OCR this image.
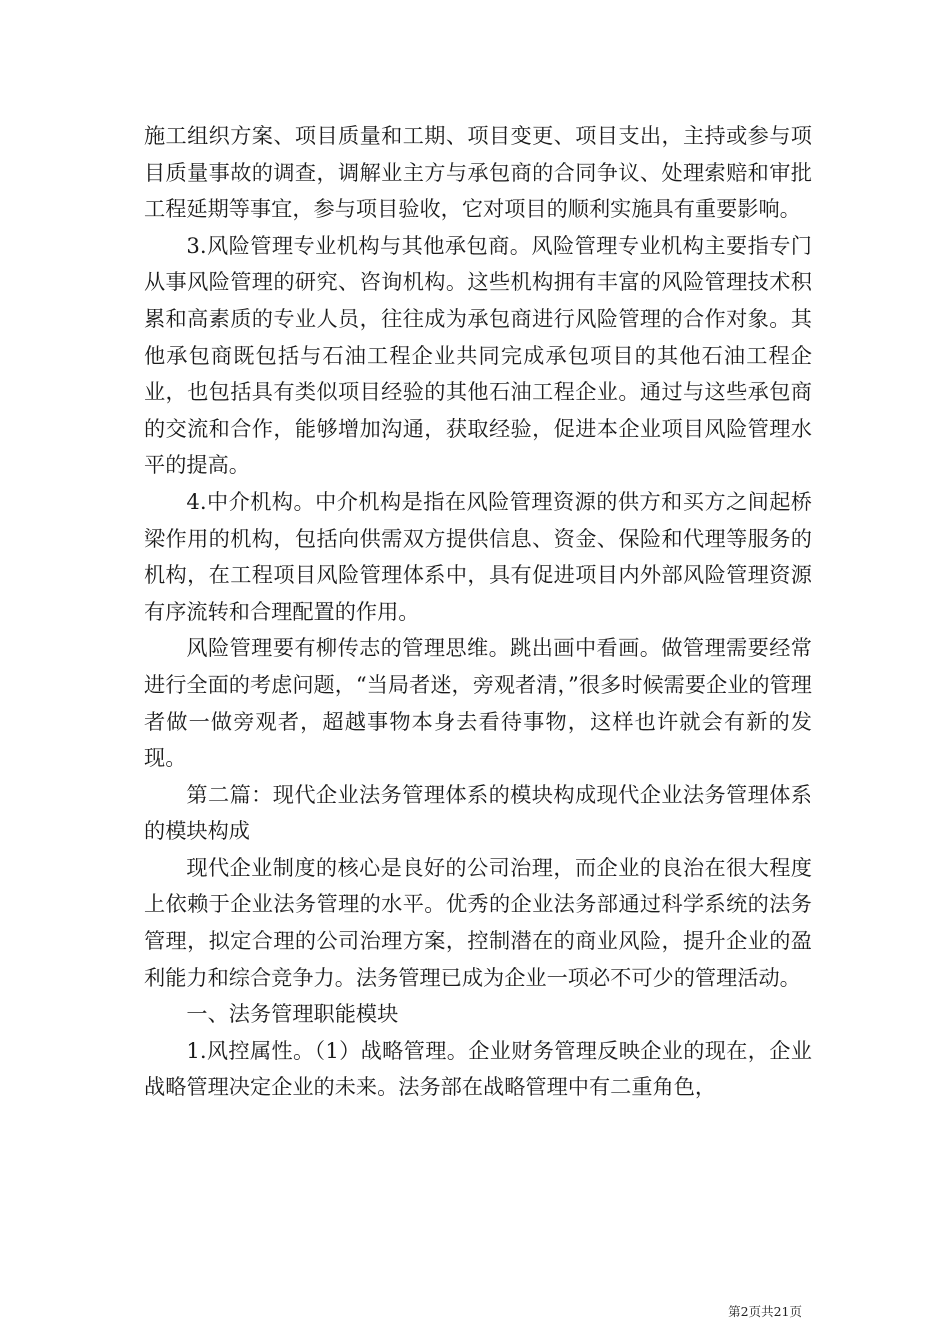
施工组织方案、项目质量和工期、项目变更、项目支出，主持或参与项目质量事故的调查，调解业主方与承包商的合同争议、处理索赔和审批工程延期等事宜，参与项目验收，它对项目的顺利实施具有重要影响。

3.风险管理专业机构与其他承包商。风险管理专业机构主要指专门从事风险管理的研究、咨询机构。这些机构拥有丰富的风险管理技术积累和高素质的专业人员，往往成为承包商进行风险管理的合作对象。其他承包商既包括与石油工程企业共同完成承包项目的其他石油工程企业，也包括具有类似项目经验的其他石油工程企业。通过与这些承包商的交流和合作，能够增加沟通，获取经验，促进本企业项目风险管理水平的提高。

4.中介机构。中介机构是指在风险管理资源的供方和买方之间起桥梁作用的机构，包括向供需双方提供信息、资金、保险和代理等服务的机构，在工程项目风险管理体系中，具有促进项目内外部风险管理资源有序流转和合理配置的作用。

风险管理要有柳传志的管理思维。跳出画中看画。做管理需要经常进行全面的考虑问题，“当局者迷，旁观者清，”很多时候需要企业的管理者做一做旁观者，超越事物本身去看待事物，这样也许就会有新的发现。

第二篇：现代企业法务管理体系的模块构成现代企业法务管理体系的模块构成

现代企业制度的核心是良好的公司治理，而企业的良治在很大程度上依赖于企业法务管理的水平。优秀的企业法务部通过科学系统的法务管理，拟定合理的公司治理方案，控制潜在的商业风险，提升企业的盈利能力和综合竞争力。法务管理已成为企业一项必不可少的管理活动。

一、法务管理职能模块

1.风控属性。（1）战略管理。企业财务管理反映企业的现在，企业战略管理决定企业的未来。法务部在战略管理中有二重角色，

第2页共21页
